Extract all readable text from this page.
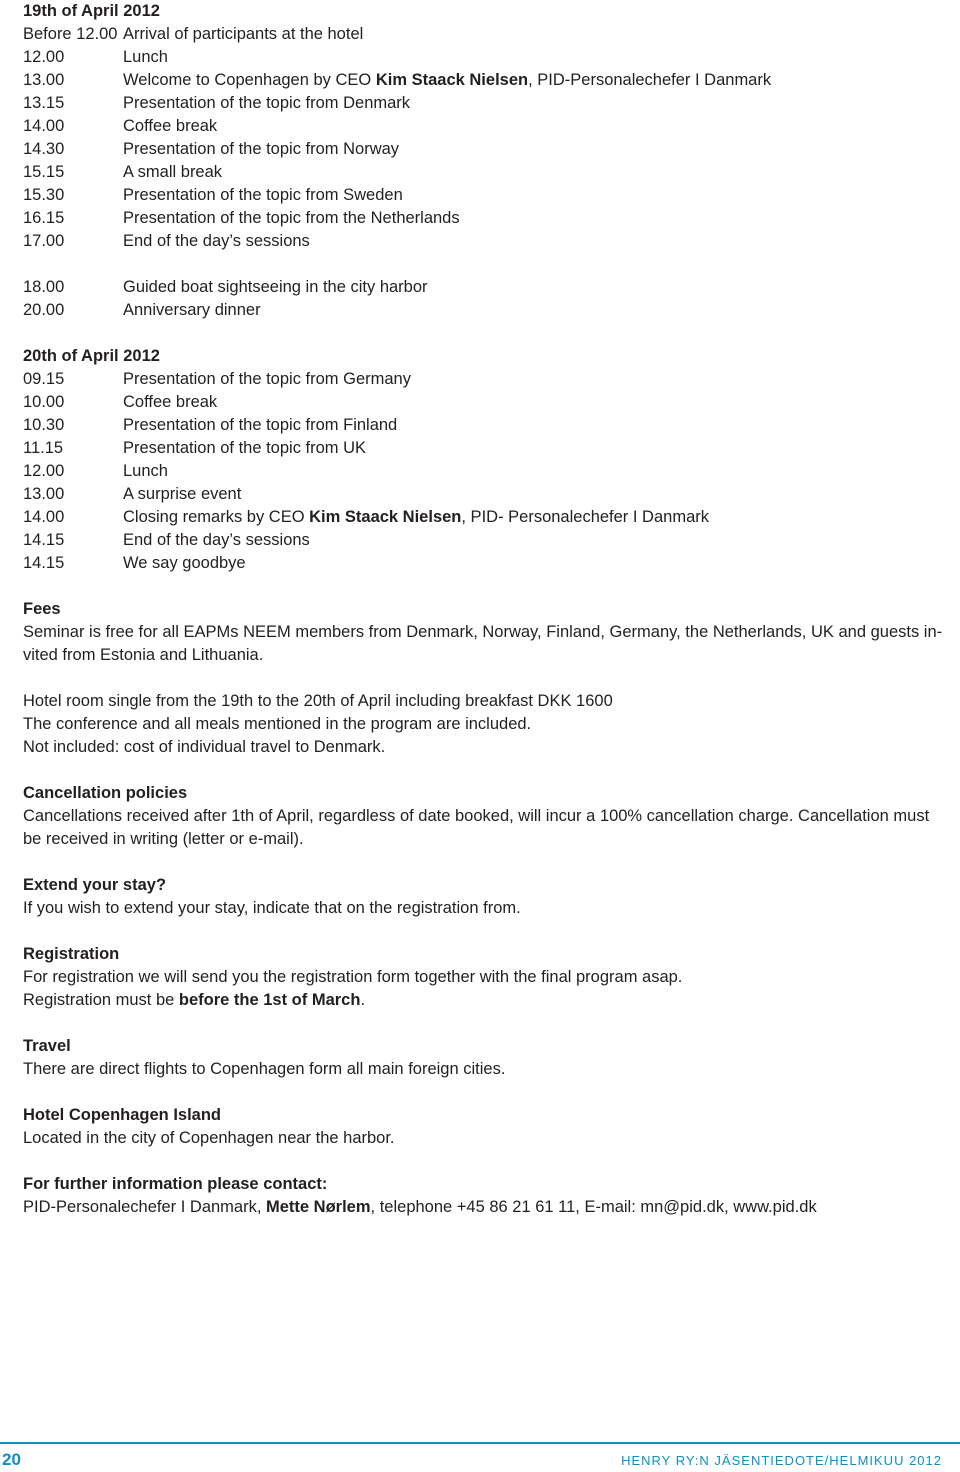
19th of April 2012
Before 12.00 Arrival of participants at the hotel
12.00	Lunch
13.00	Welcome to Copenhagen by CEO Kim Staack Nielsen, PID-Personalechefer I Danmark
13.15	Presentation of the topic from Denmark
14.00	Coffee break
14.30	Presentation of the topic from Norway
15.15	A small break
15.30	Presentation of the topic from Sweden
16.15	Presentation of the topic from the Netherlands
17.00	End of the day’s sessions
18.00	Guided boat sightseeing in the city harbor
20.00	Anniversary dinner
20th of April 2012
09.15	Presentation of the topic from Germany
10.00	Coffee break
10.30	Presentation of the topic from Finland
11.15	Presentation of the topic from UK
12.00	Lunch
13.00	A surprise event
14.00	Closing remarks by CEO Kim Staack Nielsen, PID- Personalechefer I Danmark
14.15	End of the day’s sessions
14.15	We say goodbye
Fees

Seminar is free for all EAPMs NEEM members from Denmark, Norway, Finland, Germany, the Netherlands, UK and guests in-

vited from Estonia and Lithuania.

Hotel room single from the 19th to the 20th of April including breakfast DKK 1600

The conference and all meals mentioned in the program are included.

Not included: cost of individual travel to Denmark.

Cancellation policies

Cancellations received after 1th of April, regardless of date booked, will incur a 100% cancellation charge. Cancellation must

be received in writing (letter or e-mail).

Extend your stay?

If you wish to extend your stay, indicate that on the registration from.

Registration

For registration we will send you the registration form together with the final program asap.

Registration must be before the 1st of March.

Travel

There are direct flights to Copenhagen form all main foreign cities.

Hotel Copenhagen Island

Located in the city of Copenhagen near the harbor.

For further information please contact:

PID-Personalechefer I Danmark, Mette Nørlem, telephone +45 86 21 61 11, E-mail: mn@pid.dk, www.pid.dk

20	HENRY RY:N JÄSENTIEDOTE/HELMIKUU 2012
